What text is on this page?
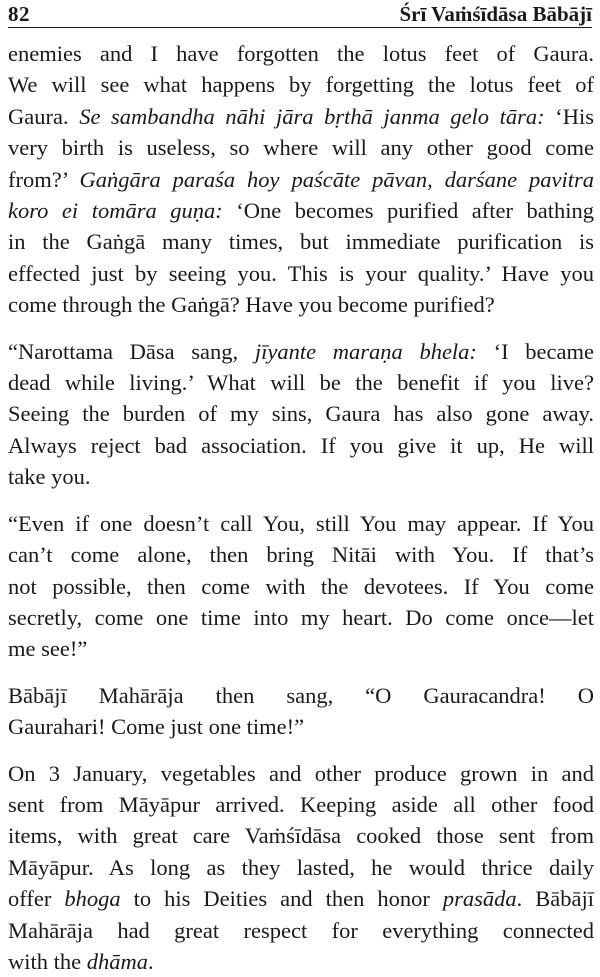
82	Śrī Vaṁśīdāsa Bābājī

enemies and I have forgotten the lotus feet of Gaura.
We will see what happens by forgetting the lotus feet of
Gaura. Se sambandha nāhi jāra bṛthā janma gelo tāra: ‘His
very birth is useless, so where will any other good come
from?’ Gaṅgāra paraśa hoy paścāte pāvan, darśane pavitra
koro ei tomāra guṇa: ‘One becomes purified after bathing
in the Gaṅgā many times, but immediate purification is
effected just by seeing you. This is your quality.’ Have you
come through the Gaṅgā? Have you become purified?

“Narottama Dāsa sang, jīyante maraṇa bhela: ‘I became
dead while living.’ What will be the benefit if you live?
Seeing the burden of my sins, Gaura has also gone away.
Always reject bad association. If you give it up, He will
take you.

“Even if one doesn’t call You, still You may appear. If You
can’t come alone, then bring Nitāi with You. If that’s
not possible, then come with the devotees. If You come
secretly, come one time into my heart. Do come once—let
me see!”

Bābājī Mahārāja then sang, “O Gauracandra! O
Gaurahari! Come just one time!”

On 3 January, vegetables and other produce grown in and
sent from Māyāpur arrived. Keeping aside all other food
items, with great care Vaṁśīdāsa cooked those sent from
Māyāpur. As long as they lasted, he would thrice daily
offer bhoga to his Deities and then honor prasāda. Bābājī
Mahārāja had great respect for everything connected
with the dhāma.
